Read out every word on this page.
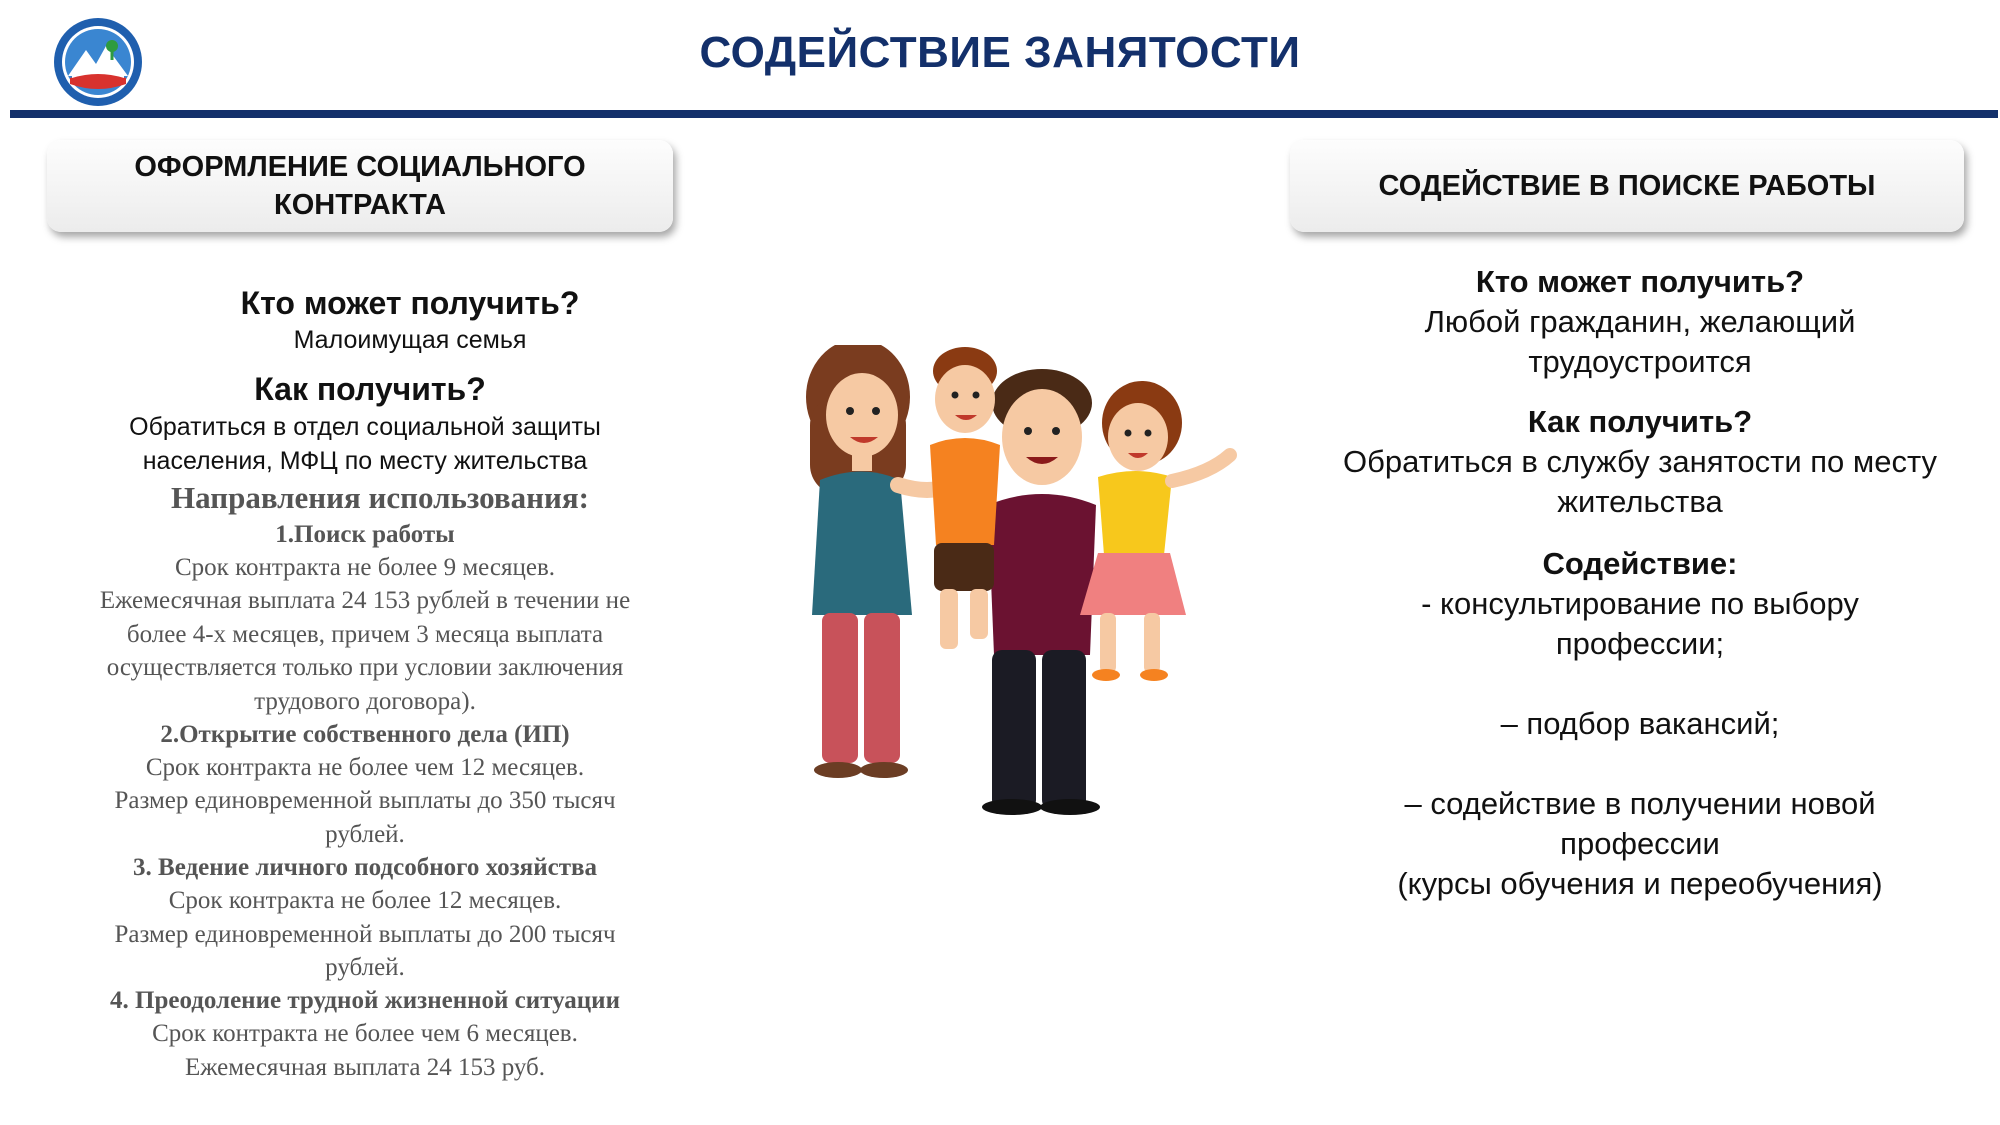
СОДЕЙСТВИЕ ЗАНЯТОСТИ
ОФОРМЛЕНИЕ СОЦИАЛЬНОГО
КОНТРАКТА
СОДЕЙСТВИЕ В ПОИСКЕ РАБОТЫ
Кто может получить?
Малоимущая семья
Как получить?
Обратиться в отдел социальной защиты
населения, МФЦ по месту жительства
Направления использования:
1.Поиск работы
Срок контракта не более 9 месяцев.
Ежемесячная выплата 24 153 рублей в течении не
более 4-х месяцев, причем 3 месяца выплата
осуществляется только при условии заключения
трудового договора).
2.Открытие собственного дела (ИП)
Срок контракта не более чем 12 месяцев.
Размер единовременной выплаты до 350 тысяч
рублей.
3. Ведение личного подсобного хозяйства
Срок контракта не более 12 месяцев.
Размер единовременной выплаты до 200 тысяч
рублей.
4. Преодоление трудной жизненной ситуации
Срок контракта не более чем 6 месяцев.
Ежемесячная выплата 24 153 руб.
Кто может получить?
Любой гражданин, желающий
трудоустроится
Как получить?
Обратиться в службу занятости по месту
жительства
Содействие:
- консультирование по выбору
профессии;
– подбор вакансий;
– содействие в получении новой
профессии
(курсы обучения и переобучения)
